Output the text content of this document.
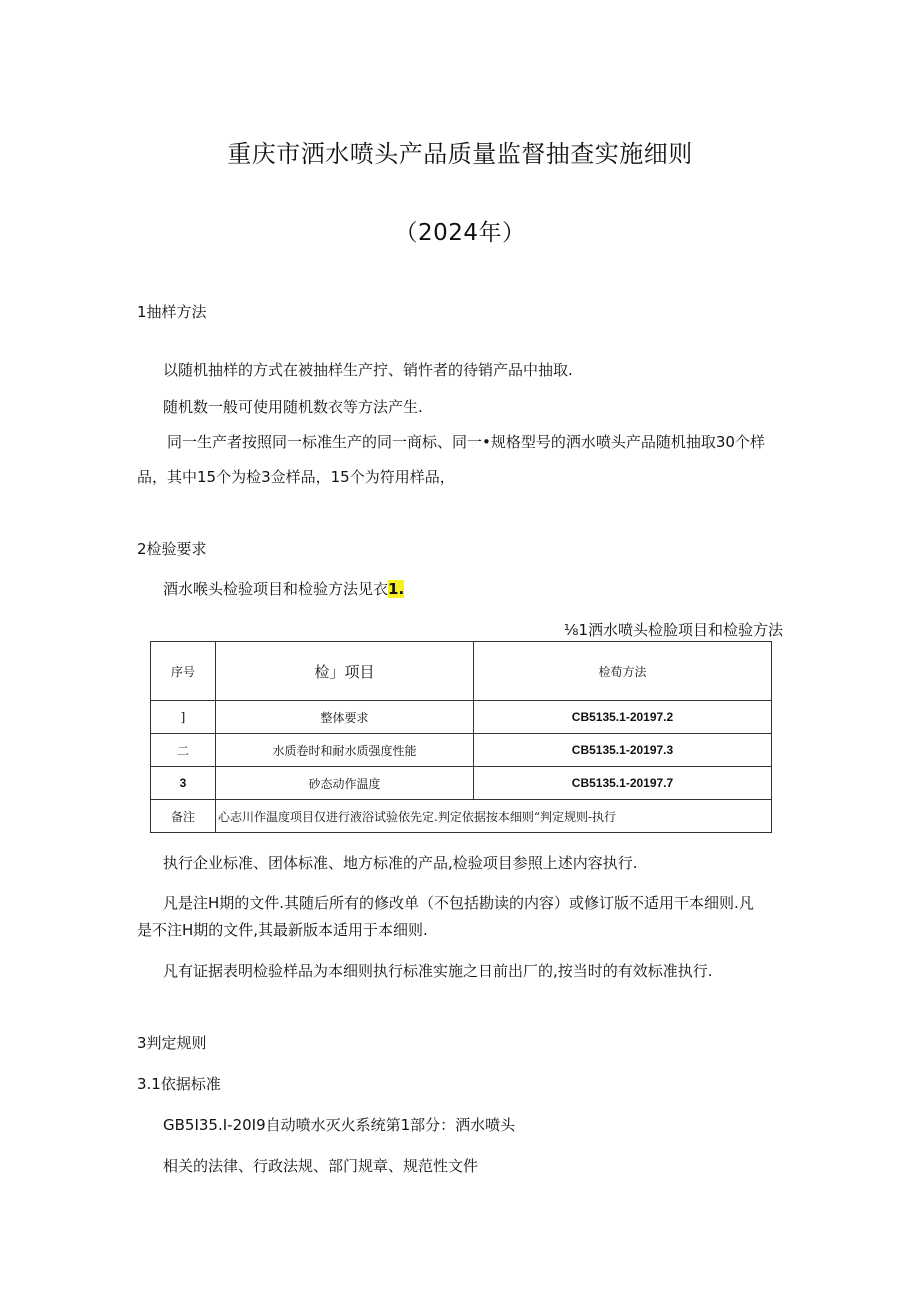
重庆市洒水喷头产品质量监督抽查实施细则
（2024年）
1抽样方法
以随机抽样的方式在被抽样生产拧、销忤者的待销产品中抽取.
随机数一般可使用随机数衣等方法产生.
同一生产者按照同一标准生产的同一商标、同一•规格型号的洒水喷头产品随机抽取30个样
品，其中15个为检3佥样品，15个为符用样品，
2检验要求
酒水喉头检验项目和检验方法见衣1.
⅛1洒水喷头检脸项目和检验方法
序号	检」项目	检荀方法
]	整体要求	CB5135.1-20197.2
二	水质卷时和耐水质强度性能	CB5135.1-20197.3
3	砂态动作温度	CB5135.1-20197.7
备注	心志川作温度项目仅进行液浴试验依先定.判定依据按本细则“判定规则-执行	
执行企业标准、团体标准、地方标准的产品,检验项目参照上述内容执行.
凡是注H期的文件.其随后所有的修改单（不包括勘读的内容）或修订版不适用干本细则.凡
是不注H期的文件,其最新版本适用于本细则.
凡有证据表明检验样品为本细则执行标准实施之日前出厂的,按当时的有效标准执行.
3判定规则
3.1依据标准
GB5I35.I-20I9自动喷水灭火系统第1部分：洒水喷头
相关的法律、行政法规、部门规章、规范性文件
